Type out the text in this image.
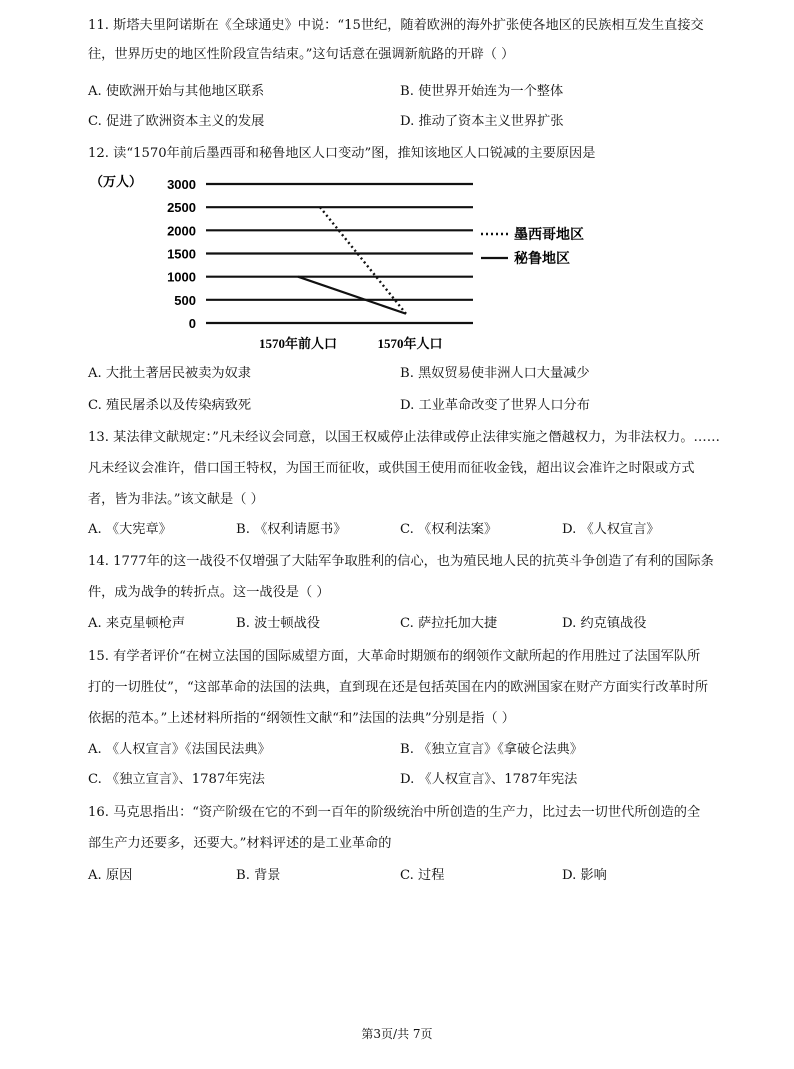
11. 斯塔夫里阿诺斯在《全球通史》中说：“15世纪，随着欧洲的海外扩张使各地区的民族相互发生直接交
往，世界历史的地区性阶段宣告结束。”这句话意在强调新航路的开辟（ ）
A. 使欧洲开始与其他地区联系	B. 使世界开始连为一个整体
C. 促进了欧洲资本主义的发展	D. 推动了资本主义世界扩张
12. 读“1570年前后墨西哥和秘鲁地区人口变动”图，推知该地区人口锐减的主要原因是
（万人） 3000
2500
2000
1500
1000
500
0
1570年前人口	1570年人口
墨西哥地区
秘鲁地区
A. 大批土著居民被卖为奴隶	B. 黑奴贸易使非洲人口大量减少
C. 殖民屠杀以及传染病致死	D. 工业革命改变了世界人口分布
13. 某法律文献规定：”凡未经议会同意，以国王权威停止法律或停止法律实施之僭越权力，为非法权力。……
凡未经议会准许，借口国王特权，为国王而征收，或供国王使用而征收金钱，超出议会准许之时限或方式
者，皆为非法。”该文献是（ ）
A. 《大宪章》	B. 《权利请愿书》	C. 《权利法案》	D. 《人权宣言》
14. 1777年的这一战役不仅增强了大陆军争取胜利的信心，也为殖民地人民的抗英斗争创造了有利的国际条
件，成为战争的转折点。这一战役是（ ）
A. 来克星顿枪声	B. 波士顿战役	C. 萨拉托加大捷	D. 约克镇战役
15. 有学者评价“在树立法国的国际威望方面，大革命时期颁布的纲领作文献所起的作用胜过了法国军队所
打的一切胜仗”，“这部革命的法国的法典，直到现在还是包括英国在内的欧洲国家在财产方面实行改革时所
依据的范本。”上述材料所指的“纲领性文献“和”法国的法典”分别是指（ ）
A. 《人权宣言》《法国民法典》	B. 《独立宣言》《拿破仑法典》
C. 《独立宣言》、1787年宪法	D. 《人权宣言》、1787年宪法
16. 马克思指出：“资产阶级在它的不到一百年的阶级统治中所创造的生产力，比过去一切世代所创造的全
部生产力还要多，还要大。”材料评述的是工业革命的
A. 原因	B. 背景	C. 过程	D. 影响
第3页/共 7页
